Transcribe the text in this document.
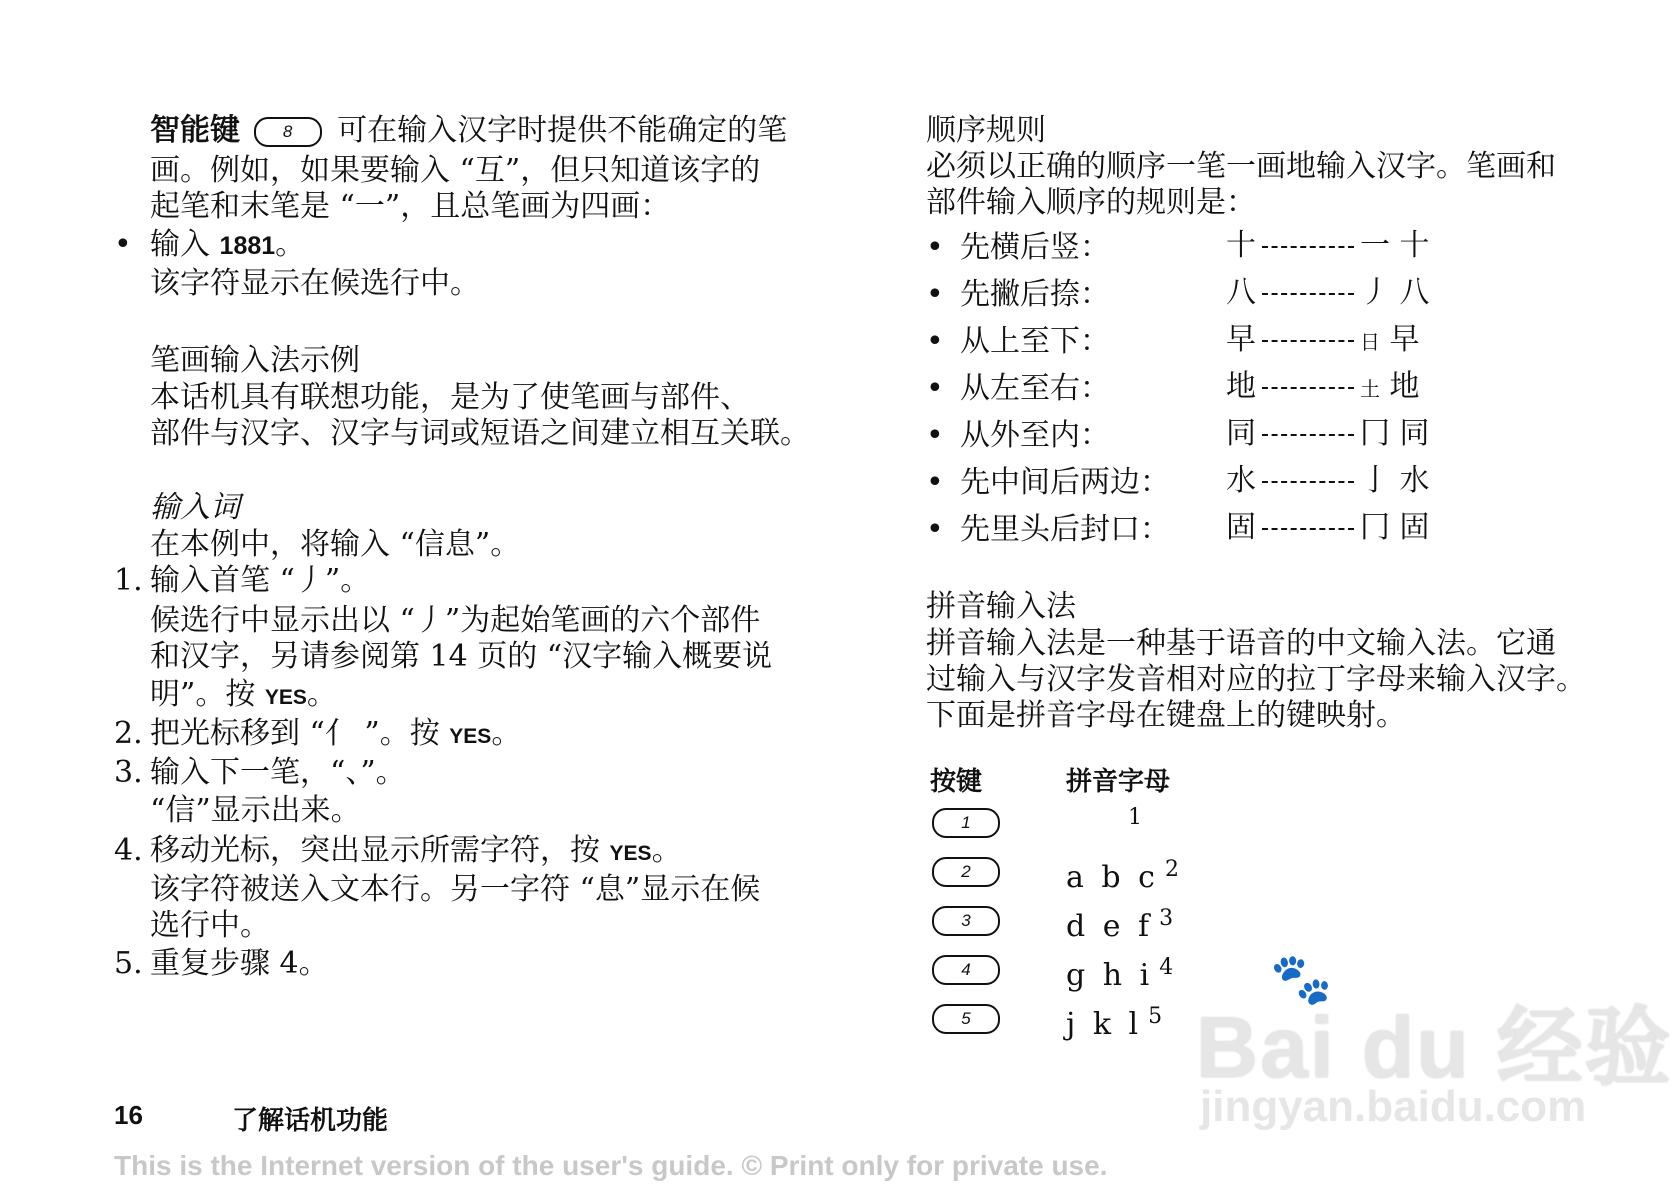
智能键	8 可在输入汉字时提供不能确定的笔
画。例如，如果要输入 “互”，但只知道该字的
起笔和末笔是 “一”，且总笔画为四画：
• 输入 1881。
该字符显示在候选行中。
笔画输入法示例
本话机具有联想功能，是为了使笔画与部件、
部件与汉字、汉字与词或短语之间建立相互关联。
输入词
在本例中，将输入 “信息”。
1. 输入首笔 “丿”。
候选行中显示出以 “丿”为起始笔画的六个部件
和汉字，另请参阅第 14 页的 “汉字输入概要说
明”。按 YES。
2. 把光标移到 “亻 ”。按 YES。
3. 输入下一笔，“、”。
“信”显示出来。
4. 移动光标，突出显示所需字符，按 YES。
该字符被送入文本行。另一字符 “息”显示在候
选行中。
5. 重复步骤 4。
顺序规则
必须以正确的顺序一笔一画地输入汉字。笔画和
部件输入顺序的规则是：
• 先横后竖：	十	一 十
• 先撇后捺：	八	丿 八
• 从上至下：	早	日 早
• 从左至右：	地	土 地
• 从外至内：	同	冂 同
• 先中间后两边： 水	亅 水
• 先里头后封口： 固	冂 固
拼音输入法
拼音输入法是一种基于语音的中文输入法。它通
过输入与汉字发音相对应的拉丁字母来输入汉字。
下面是拼音字母在键盘上的键映射。
按键	拼音字母
1	$^1$
2	a b c $^2$
3	d e f $^3$
4	g h i $^4$
5	j k l $^5$ Bai du 经验
🐾
jingyan.baidu.com
16	了解话机功能
This is the Internet version of the user's guide. © Print only for private use.
